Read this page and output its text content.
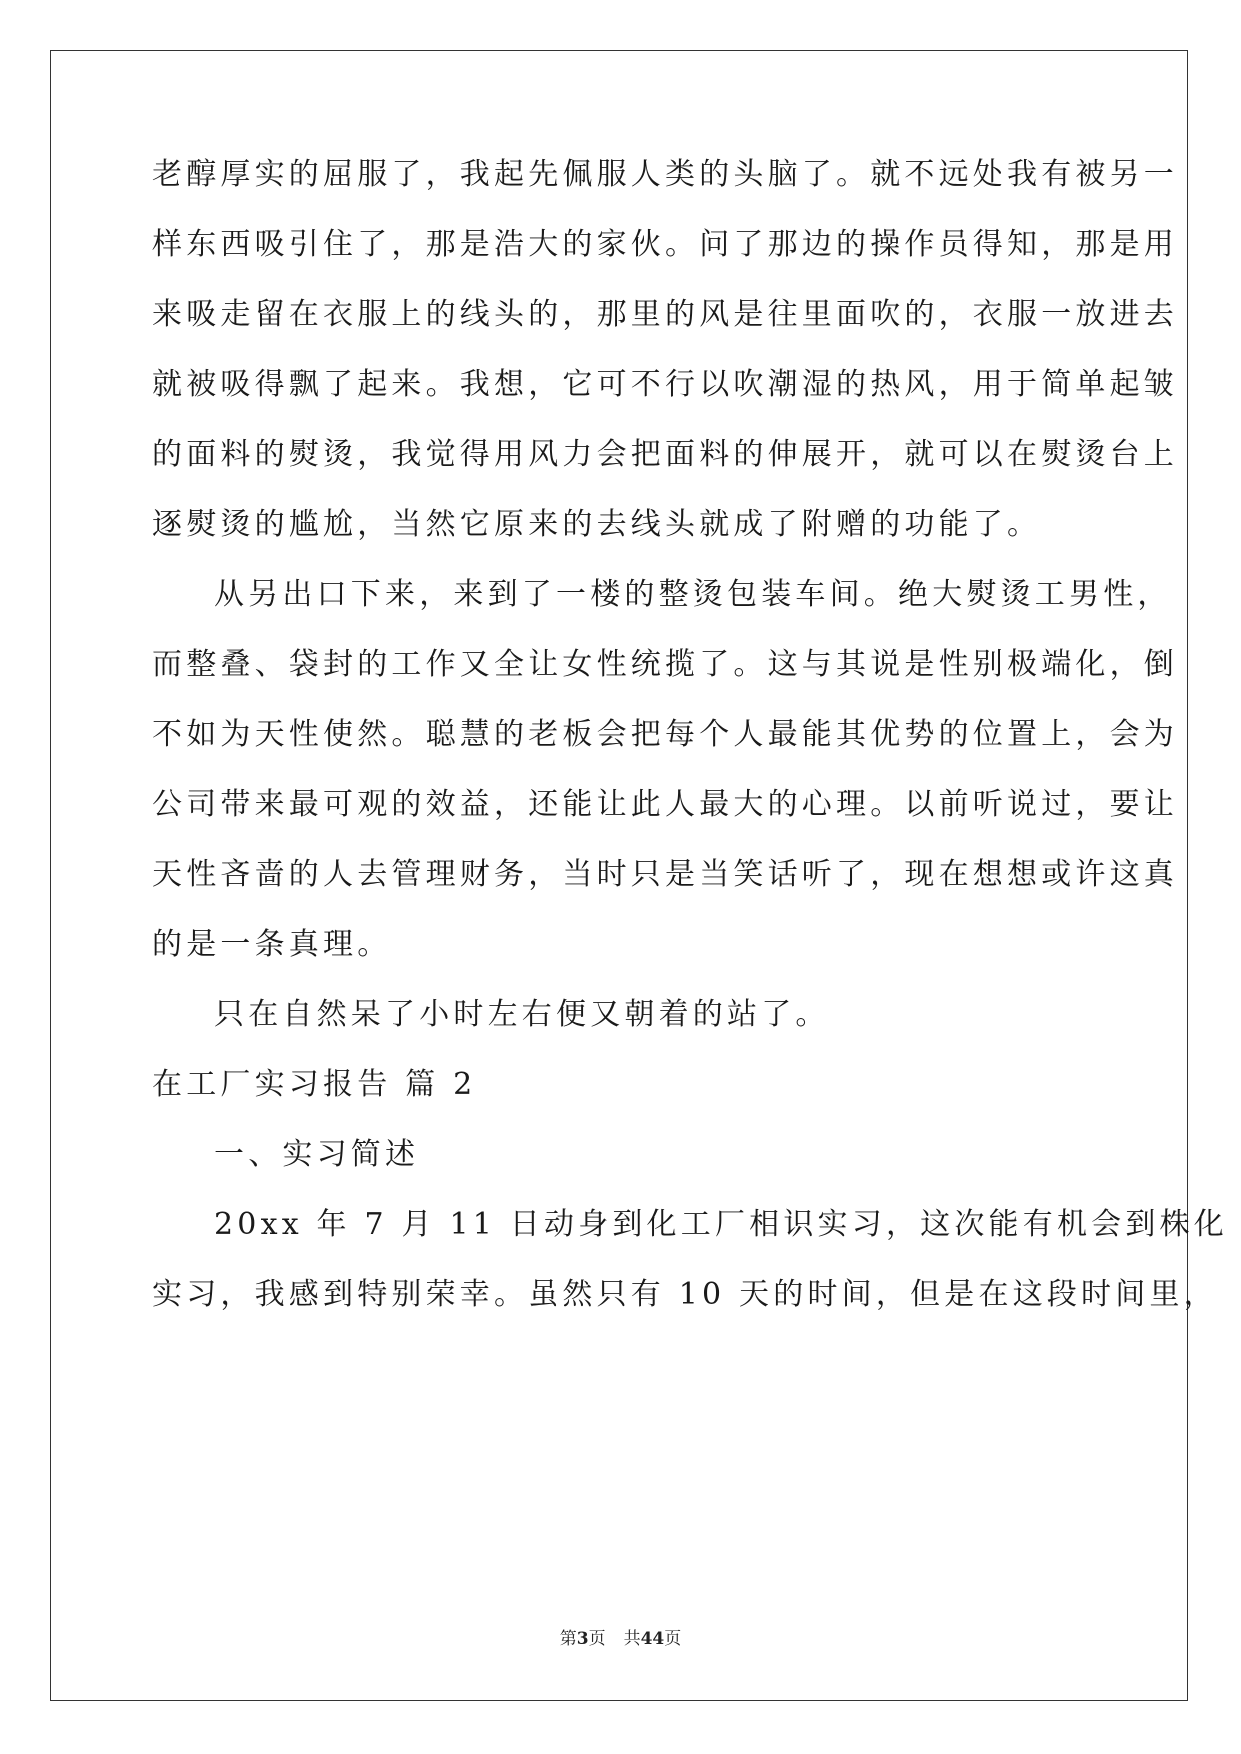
老醇厚实的屈服了，我起先佩服人类的头脑了。就不远处我有被另一
样东西吸引住了，那是浩大的家伙。问了那边的操作员得知，那是用
来吸走留在衣服上的线头的，那里的风是往里面吹的，衣服一放进去
就被吸得飘了起来。我想，它可不行以吹潮湿的热风，用于简单起皱
的面料的熨烫，我觉得用风力会把面料的伸展开，就可以在熨烫台上
逐熨烫的尴尬，当然它原来的去线头就成了附赠的功能了。
从另出口下来，来到了一楼的整烫包装车间。绝大熨烫工男性，
而整叠、袋封的工作又全让女性统揽了。这与其说是性别极端化，倒
不如为天性使然。聪慧的老板会把每个人最能其优势的位置上，会为
公司带来最可观的效益，还能让此人最大的心理。以前听说过，要让
天性吝啬的人去管理财务，当时只是当笑话听了，现在想想或许这真
的是一条真理。
只在自然呆了小时左右便又朝着的站了。
在工厂实习报告 篇 2
一、实习简述
20xx 年 7 月 11 日动身到化工厂相识实习，这次能有机会到株化
实习，我感到特别荣幸。虽然只有 10 天的时间，但是在这段时间里，
第3页 共44页
